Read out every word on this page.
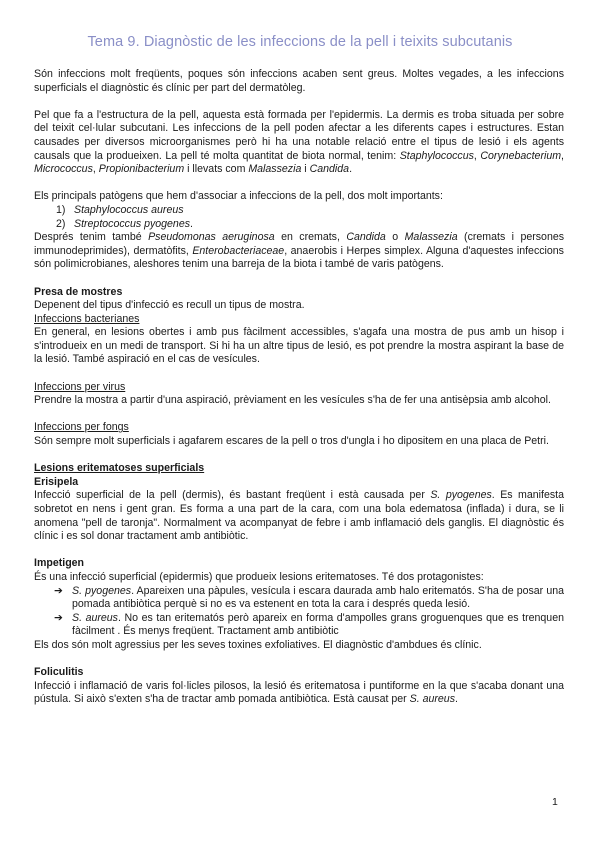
Tema 9. Diagnòstic de les infeccions de la pell i teixits subcutanis

Són infeccions molt freqüents, poques són infeccions acaben sent greus. Moltes vegades, a les infeccions superficials el diagnòstic és clínic per part del dermatòleg.

Pel que fa a l'estructura de la pell, aquesta està formada per l'epidermis. La dermis es troba situada per sobre del teixit cel·lular subcutani. Les infeccions de la pell poden afectar a les diferents capes i estructures. Estan causades per diversos microorganismes però hi ha una notable relació entre el tipus de lesió i els agents causals que la produeixen. La pell té molta quantitat de biota normal, tenim: Staphylococcus, Corynebacterium, Micrococcus, Propionibacterium i llevats com Malassezia i Candida.

Els principals patògens que hem d'associar a infeccions de la pell, dos molt importants:

1) Staphylococcus aureus
2) Streptococcus pyogenes.

Després tenim també Pseudomonas aeruginosa en cremats, Candida o Malassezia (cremats i persones immunodeprimides), dermatòfits, Enterobacteriaceae, anaerobis i Herpes simplex. Alguna d'aquestes infeccions són polimicrobianes, aleshores tenim una barreja de la biota i també de varis patògens.

Presa de mostres

Depenent del tipus d'infecció es recull un tipus de mostra.

Infeccions bacterianes

En general, en lesions obertes i amb pus fàcilment accessibles, s'agafa una mostra de pus amb un hisop i s'introdueix en un medi de transport. Si hi ha un altre tipus de lesió, es pot prendre la mostra aspirant la base de la lesió. També aspiració en el cas de vesícules.

Infeccions per virus

Prendre la mostra a partir d'una aspiració, prèviament en les vesícules s'ha de fer una antisèpsia amb alcohol.

Infeccions per fongs

Són sempre molt superficials i agafarem escares de la pell o tros d'ungla i ho dipositem en una placa de Petri.

Lesions eritematoses superficials

Erisipela

Infecció superficial de la pell (dermis), és bastant freqüent i està causada per S. pyogenes. Es manifesta sobretot en nens i gent gran. Es forma a una part de la cara, com una bola edematosa (inflada) i dura, se li anomena "pell de taronja". Normalment va acompanyat de febre i amb inflamació dels ganglis. El diagnòstic és clínic i es sol donar tractament amb antibiòtic.

Impetigen

És una infecció superficial (epidermis) que produeix lesions eritematoses. Té dos protagonistes:

➔ S. pyogenes. Apareixen una pàpules, vesícula i escara daurada amb halo eritematós. S'ha de posar una pomada antibiòtica perquè si no es va estenent en tota la cara i després queda lesió.
➔ S. aureus. No es tan eritematós però apareix en forma d'ampolles grans groguenques que es trenquen fàcilment . És menys freqüent. Tractament amb antibiòtic

Els dos són molt agressius per les seves toxines exfoliatives. El diagnòstic d'ambdues és clínic.

Foliculitis

Infecció i inflamació de varis fol·licles pilosos, la lesió és eritematosa i puntiforme en la que s'acaba donant una pústula. Si això s'exten s'ha de tractar amb pomada antibiòtica. Està causat per S. aureus.

1
